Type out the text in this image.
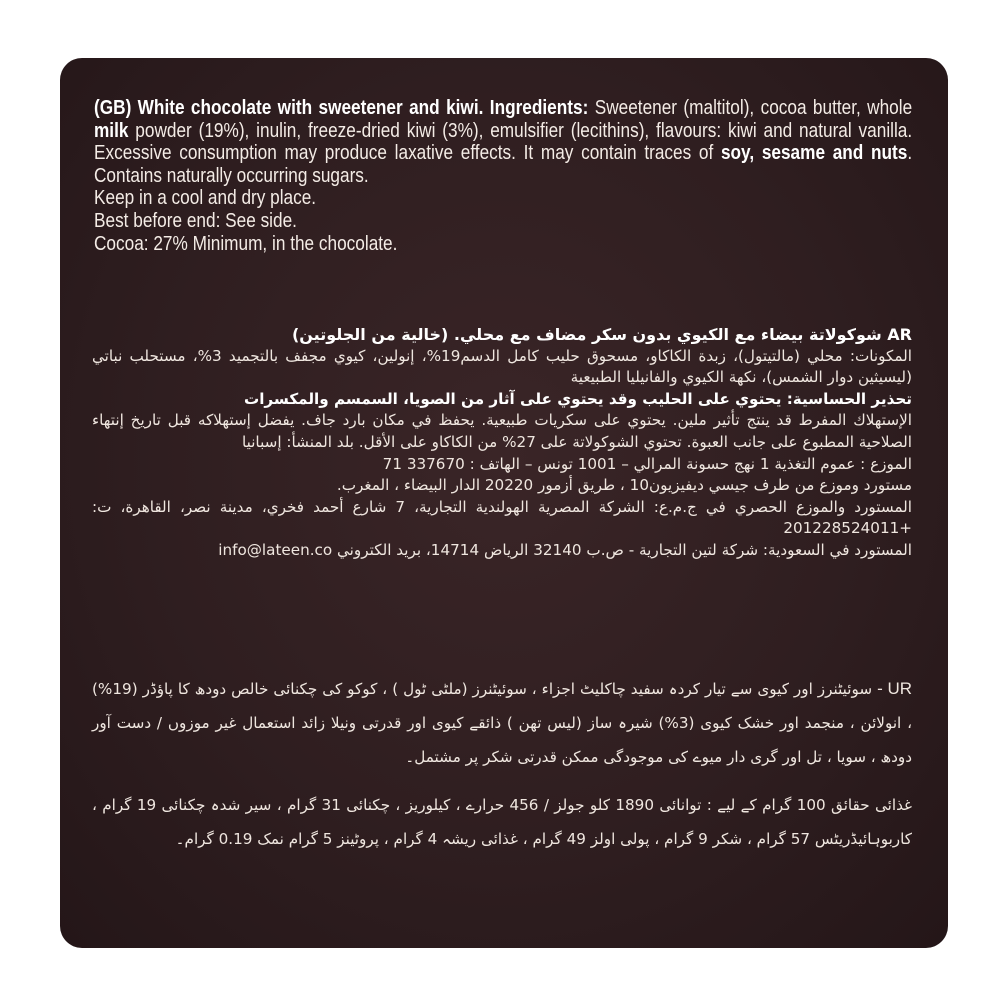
(GB) White chocolate with sweetener and kiwi. Ingredients: Sweetener (maltitol), cocoa butter, whole milk powder (19%), inulin, freeze-dried kiwi (3%), emulsifier (lecithins), flavours: kiwi and natural vanilla. Excessive consumption may produce laxative effects. It may contain traces of soy, sesame and nuts. Contains naturally occurring sugars.

Keep in a cool and dry place.

Best before end: See side.

Cocoa: 27% Minimum, in the chocolate.

AR شوكولاتة بيضاء مع الكيوي بدون سكر مضاف مع محلي. (خالية من الجلوتين)

المكونات: محلي (مالتيتول)، زبدة الكاكاو، مسحوق حليب كامل الدسم19%، إنولين، كيوي مجفف بالتجميد 3%، مستحلب نباتي (ليسيثين دوار الشمس)، نكهة الكيوي والفانيليا الطبيعية

تحذير الحساسية: يحتوي على الحليب وقد يحتوي على آثار من الصويا، السمسم والمكسرات

الإستهلاك المفرط قد ينتج تأثير ملين. يحتوي على سكريات طبيعية. يحفظ في مكان بارد جاف. يفضل إستهلاكه قبل تاريخ إنتهاء الصلاحية المطبوع على جانب العبوة. تحتوي الشوكولاتة على 27% من الكاكاو على الأقل. بلد المنشأ: إسبانيا

الموزع : عموم التغذية 1 نهج حسونة المرالي – 1001 تونس – الهاتف : 337670 71

مستورد وموزع من طرف جيسي ديفيزيون10 ، طريق أزمور 20220 الدار البيضاء ، المغرب.

المستورد والموزع الحصري في ج.م.ع: الشركة المصرية الهولندية التجارية، 7 شارع أحمد فخري، مدينة نصر، القاهرة، ت: +201228524011

المستورد في السعودية: شركة لتين التجارية - ص.ب 32140 الرياض 14714، بريد الكتروني info@lateen.co

- UR سوئیٹنرز اور کیوی سے تیار کردہ سفید چاکلیٹ اجزاء ، سوئیٹنرز (ملٹی ٹول ) ، کوکو کی چکنائی خالص دودھ کا پاؤڈر (19%) ، انولائن ، منجمد اور خشک کیوی (3%) شیرہ ساز (لیس تھن ) ذائقے کیوی اور قدرتی ونیلا زائد استعمال غیر موزوں / دست آور دودھ ، سویا ، تل اور گری دار میوے کی موجودگی ممکن قدرتی شکر پر مشتمل۔

غذائی حقائق 100 گرام کے لیے : توانائی 1890 کلو جولز / 456 حرارے ، کیلوریز ، چکنائی 31 گرام ، سیر شدہ چکنائی 19 گرام ، کاربوہائیڈریٹس 57 گرام ، شکر 9 گرام ، پولی اولز 49 گرام ، غذائی ریشہ 4 گرام ، پروٹینز 5 گرام نمک 0.19 گرام۔
